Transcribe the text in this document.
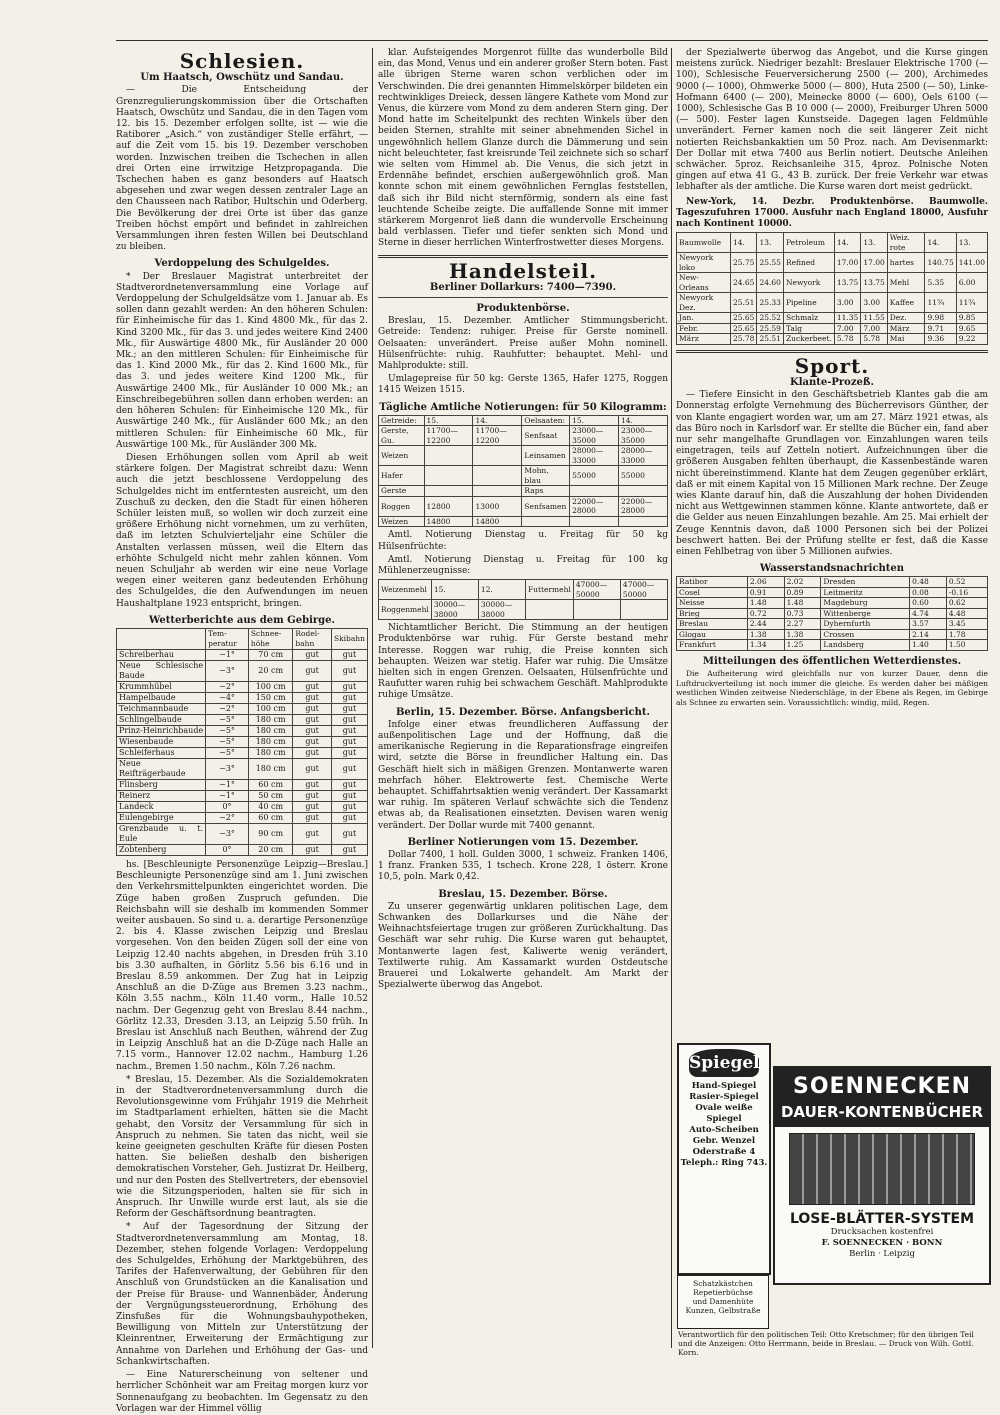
Schlesien.
Um Haatsch, Owschütz und Sandau.

— Die Entscheidung der Grenzregulierungskommission über die Ortschaften Haatsch, Owschütz und Sandau, die in den Tagen vom 12. bis 15. Dezember erfolgen sollte, ist — wie die Ratiborer „Asich.“ von zuständiger Stelle erfährt, — auf die Zeit vom 15. bis 19. Dezember verschoben worden. Inzwischen treiben die Tschechen in allen drei Orten eine irrwitzige Hetzpropaganda. Die Tschechen haben es ganz besonders auf Haatsch abgesehen und zwar wegen dessen zentraler Lage an den Chausseen nach Ratibor, Hultschin und Oderberg. Die Bevölkerung der drei Orte ist über das ganze Treiben höchst empört und befindet in zahlreichen Versammlungen ihren festen Willen bei Deutschland zu bleiben.

Verdoppelung des Schulgeldes.

* Der Breslauer Magistrat unterbreitet der Stadtverordnetenversammlung eine Vorlage auf Verdoppelung der Schulgeldsätze vom 1. Januar ab. Es sollen dann gezahlt werden: An den höheren Schulen: für Einheimische für das 1. Kind 4800 Mk., für das 2. Kind 3200 Mk., für das 3. und jedes weitere Kind 2400 Mk., für Auswärtige 4800 Mk., für Ausländer 20 000 Mk.; an den mittleren Schulen: für Einheimische für das 1. Kind 2000 Mk., für das 2. Kind 1600 Mk., für das 3. und jedes weitere Kind 1200 Mk., für Auswärtige 2400 Mk., für Ausländer 10 000 Mk.; an Einschreibegebühren sollen dann erhoben werden: an den höheren Schulen: für Einheimische 120 Mk., für Auswärtige 240 Mk., für Ausländer 600 Mk.; an den mittleren Schulen: für Einheimische 60 Mk., für Auswärtige 100 Mk., für Ausländer 300 Mk.

Diesen Erhöhungen sollen vom April ab weit stärkere folgen. Der Magistrat schreibt dazu: Wenn auch die jetzt beschlossene Verdoppelung des Schulgeldes nicht im entferntesten ausreicht, um den Zuschuß zu decken, den die Stadt für einen höheren Schüler leisten muß, so wollen wir doch zurzeit eine größere Erhöhung nicht vornehmen, um zu verhüten, daß im letzten Schulvierteljahr eine Schüler die Anstalten verlassen müssen, weil die Eltern das erhöhte Schulgeld nicht mehr zahlen können. Vom neuen Schuljahr ab werden wir eine neue Vorlage wegen einer weiteren ganz bedeutenden Erhöhung des Schulgeldes, die den Aufwendungen im neuen Haushaltplane 1923 entspricht, bringen.

Wetterberichte aus dem Gebirge.
	Tem-peratur	Schnee-höhe	Rodel-bahn	Skibahn
Schreiberhau	−1°	70 cm	gut	gut
Neue Schlesische Baude	−3°	20 cm	gut	gut
Krummhübel	−2°	100 cm	gut	gut
Hampelbaude	−4°	150 cm	gut	gut
Teichmannbaude	−2°	100 cm	gut	gut
Schlingelbaude	−5°	180 cm	gut	gut
Prinz-Heinrichbaude	−5°	180 cm	gut	gut
Wiesenbaude	−5°	180 cm	gut	gut
Schleiferhaus	−5°	180 cm	gut	gut
Neue Reifträgerbaude	−3°	180 cm	gut	gut
Flinsberg	−1°	60 cm	gut	gut
Reinerz	−1°	50 cm	gut	gut
Landeck	0°	40 cm	gut	gut
Eulengebirge	−2°	60 cm	gut	gut
Grenzbaude u. t. Eule	−3°	90 cm	gut	gut
Zobtenberg	0°	20 cm	gut	gut

hs. [Beschleunigte Personenzüge Leipzig—Breslau.] Beschleunigte Personenzüge sind am 1. Juni zwischen den Verkehrsmittelpunkten eingerichtet worden. Die Züge haben großen Zuspruch gefunden. Die Reichsbahn will sie deshalb im kommenden Sommer weiter ausbauen. So sind u. a. derartige Personenzüge 2. bis 4. Klasse zwischen Leipzig und Breslau vorgesehen. Von den beiden Zügen soll der eine von Leipzig 12.40 nachts abgehen, in Dresden früh 3.10 bis 3.30 aufhalten, in Görlitz 5.56 bis 6.16 und in Breslau 8.59 ankommen. Der Zug hat in Leipzig Anschluß an die D-Züge aus Bremen 3.23 nachm., Köln 3.55 nachm., Köln 11.40 vorm., Halle 10.52 nachm. Der Gegenzug geht von Breslau 8.44 nachm., Görlitz 12.33, Dresden 3.13, an Leipzig 5.50 früh. In Breslau ist Anschluß nach Beuthen, während der Zug in Leipzig Anschluß hat an die D-Züge nach Halle an 7.15 vorm., Hannover 12.02 nachm., Hamburg 1.26 nachm., Bremen 1.50 nachm., Köln 7.26 nachm.

* Breslau, 15. Dezember. Als die Sozialdemokraten in der Stadtverordnetenversammlung durch die Revolutionsgewinne vom Frühjahr 1919 die Mehrheit im Stadtparlament erhielten, hätten sie die Macht gehabt, den Vorsitz der Versammlung für sich in Anspruch zu nehmen. Sie taten das nicht, weil sie keine geeigneten geschulten Kräfte für diesen Posten hatten. Sie beließen deshalb den bisherigen demokratischen Vorsteher, Geh. Justizrat Dr. Heilberg, und nur den Posten des Stellvertreters, der ebensoviel wie die Sitzungsperioden, halten sie für sich in Anspruch. Ihr Unwille wurde erst laut, als sie die Reform der Geschäftsordnung beantragten.

* Auf der Tagesordnung der Sitzung der Stadtverordnetenversammlung am Montag, 18. Dezember, stehen folgende Vorlagen: Verdoppelung des Schulgeldes, Erhöhung der Marktgebühren, des Tarifes der Hafenverwaltung, der Gebühren für den Anschluß von Grundstücken an die Kanalisation und der Preise für Brause- und Wannenbäder, Änderung der Vergnügungssteuerordnung, Erhöhung des Zinsfußes für die Wohnungsbauhypotheken, Bewilligung von Mitteln zur Unterstützung der Kleinrentner, Erweiterung der Ermächtigung zur Annahme von Darlehen und Erhöhung der Gas- und Schankwirtschaften.

— Eine Naturerscheinung von seltener und herrlicher Schönheit war am Freitag morgen kurz vor Sonnenaufgang zu beobachten. Im Gegensatz zu den Vorlagen war der Himmel völlig

klar. Aufsteigendes Morgenrot füllte das wunderbolle Bild ein, das Mond, Venus und ein anderer großer Stern boten. Fast alle übrigen Sterne waren schon verblichen oder im Verschwinden. Die drei genannten Himmelskörper bildeten ein rechtwinkliges Dreieck, dessen längere Kathete vom Mond zur Venus, die kürzere vom Mond zu dem anderen Stern ging. Der Mond hatte im Scheitelpunkt des rechten Winkels über den beiden Sternen, strahlte mit seiner abnehmenden Sichel in ungewöhnlich hellem Glanze durch die Dämmerung und sein nicht beleuchteter, fast kreisrunde Teil zeichnete sich so scharf wie selten vom Himmel ab. Die Venus, die sich jetzt in Erdennähe befindet, erschien außergewöhnlich groß. Man konnte schon mit einem gewöhnlichen Fernglas feststellen, daß sich ihr Bild nicht sternförmig, sondern als eine fast leuchtende Scheibe zeigte. Die auffallende Sonne mit immer stärkerem Morgenrot ließ dann die wundervolle Erscheinung bald verblassen. Tiefer und tiefer senkten sich Mond und Sterne in dieser herrlichen Winterfrostwetter dieses Morgens.

Handelsteil.
Berliner Dollarkurs: 7400—7390.
Produktenbörse.

Breslau, 15. Dezember. Amtlicher Stimmungsbericht. Getreide: Tendenz: ruhiger. Preise für Gerste nominell. Oelsaaten: unverändert. Preise außer Mohn nominell. Hülsenfrüchte: ruhig. Rauhfutter: behauptet. Mehl- und Mahlprodukte: still.

Umlagepreise für 50 kg: Gerste 1365, Hafer 1275, Roggen 1415 Weizen 1515.

Tägliche Amtliche Notierungen: für 50 Kilogramm:
Getreide:	15.	14.	Oelsaaten:	15.	14.
Gerste, Gu.	11700—12200	11700—12200	Senfsaat	23000—35000	23000—35000
Weizen			Leinsamen	28000—33000	28000—33000
Hafer			Mohn, blau	55000	55000
Gerste			Raps		
Roggen	12800	13000	Senfsamen	22000—28000	22000—28000
Weizen	14800	14800			

Amtl. Notierung Dienstag u. Freitag für 50 kg Hülsenfrüchte:

Amtl. Notierung Dienstag u. Freitag für 100 kg Mühlenerzeugnisse:

Weizenmehl	15.	12.	Futtermehl	47000—50000	47000—50000
Roggenmehl	30000—38000	30000—38000			

Nichtamtlicher Bericht. Die Stimmung an der heutigen Produktenbörse war ruhig. Für Gerste bestand mehr Interesse. Roggen war ruhig, die Preise konnten sich behaupten. Weizen war stetig. Hafer war ruhig. Die Umsätze hielten sich in engen Grenzen. Oelsaaten, Hülsenfrüchte und Raufutter waren ruhig bei schwachem Geschäft. Mahlprodukte ruhige Umsätze.

Berlin, 15. Dezember. Börse. Anfangsbericht.

Infolge einer etwas freundlicheren Auffassung der außenpolitischen Lage und der Hoffnung, daß die amerikanische Regierung in die Reparationsfrage eingreifen wird, setzte die Börse in freundlicher Haltung ein. Das Geschäft hielt sich in mäßigen Grenzen. Montanwerte waren mehrfach höher. Elektrowerte fest. Chemische Werte behauptet. Schiffahrtsaktien wenig verändert. Der Kassamarkt war ruhig. Im späteren Verlauf schwächte sich die Tendenz etwas ab, da Realisationen einsetzten. Devisen waren wenig verändert. Der Dollar wurde mit 7400 genannt.

Berliner Notierungen vom 15. Dezember.

Dollar 7400, 1 holl. Gulden 3000, 1 schweiz. Franken 1406, 1 franz. Franken 535, 1 tschech. Krone 228, 1 österr. Krone 10,5, poln. Mark 0,42.

Breslau, 15. Dezember. Börse.

Zu unserer gegenwärtig unklaren politischen Lage, dem Schwanken des Dollarkurses und die Nähe der Weihnachtsfeiertage trugen zur größeren Zurückhaltung. Das Geschäft war sehr ruhig. Die Kurse waren gut behauptet, Montanwerte lagen fest, Kaliwerte wenig verändert, Textilwerte ruhig. Am Kassamarkt wurden Ostdeutsche Brauerei und Lokalwerte gehandelt. Am Markt der Spezialwerte überwog das Angebot.

der Spezialwerte überwog das Angebot, und die Kurse gingen meistens zurück. Niedriger bezahlt: Breslauer Elektrische 1700 (— 100), Schlesische Feuerversicherung 2500 (— 200), Archimedes 9000 (— 1000), Ohmwerke 5000 (— 800), Huta 2500 (— 50), Linke-Hofmann 6400 (— 200), Meinecke 8000 (— 600), Oels 6100 (— 1000), Schlesische Gas B 10 000 (— 2000), Freiburger Uhren 5000 (— 500). Fester lagen Kunstseide. Dagegen lagen Feldmühle unverändert. Ferner kamen noch die seit längerer Zeit nicht notierten Reichsbankaktien um 50 Proz. nach. Am Devisenmarkt: Der Dollar mit etwa 7400 aus Berlin notiert. Deutsche Anleihen schwächer. 5proz. Reichsanleihe 315, 4proz. Polnische Noten gingen auf etwa 41 G., 43 B. zurück. Der freie Verkehr war etwas lebhafter als der amtliche. Die Kurse waren dort meist gedrückt.

New-York, 14. Dezbr. Produktenbörse. Baumwolle. Tageszufuhren 17000. Ausfuhr nach England 18000, Ausfuhr nach Kontinent 10000.

Baumwolle	14.	13.	Petroleum	14.	13.	Weiz. rote	14.	13.
Newyork loko	25.75	25.55	Refined	17.00	17.00	hartes	140.75	141.00
New-Orleans	24.65	24.60	Newyork	13.75	13.75	Mehl	5.35	6.00
Newyork Dez.	25.51	25.33	Pipeline	3.00	3.00	Kaffee	11¾	11¾
Jan.	25.65	25.52	Schmalz	11.35	11.55	Dez.	9.98	9.85
Febr.	25.65	25.59	Talg	7.00	7.00	März	9.71	9.65
März	25.78	25.51	Zuckerbeet.	5.78	5.78	Mai	9.36	9.22
Sport.
Klante-Prozeß.

— Tiefere Einsicht in den Geschäftsbetrieb Klantes gab die am Donnerstag erfolgte Vernehmung des Bücherrevisors Günther, der von Klante engagiert worden war, um am 27. März 1921 etwas, als das Büro noch in Karlsdorf war. Er stellte die Bücher ein, fand aber nur sehr mangelhafte Grundlagen vor. Einzahlungen waren teils eingetragen, teils auf Zetteln notiert. Aufzeichnungen über die größeren Ausgaben fehlten überhaupt, die Kassenbestände waren nicht übereinstimmend. Klante hat dem Zeugen gegenüber erklärt, daß er mit einem Kapital von 15 Millionen Mark rechne. Der Zeuge wies Klante darauf hin, daß die Auszahlung der hohen Dividenden nicht aus Wettgewinnen stammen könne. Klante antwortete, daß er die Gelder aus neuen Einzahlungen bezahle. Am 25. Mai erhielt der Zeuge Kenntnis davon, daß 1000 Personen sich bei der Polizei beschwert hatten. Bei der Prüfung stellte er fest, daß die Kasse einen Fehlbetrag von über 5 Millionen aufwies.

Wasserstandsnachrichten
Ratibor	2.06	2.02	Dresden	0.48	0.52
Cosel	0.91	0.89	Leitmeritz	0.08	-0.16
Neisse	1.48	1.48	Magdeburg	0.60	0.62
Brieg	0.72	0.73	Wittenberge	4.74	4.48
Breslau	2.44	2.27	Dyhernfurth	3.57	3.45
Glogau	1.38	1.38	Crossen	2.14	1.78
Frankfurt	1.34	1.25	Landsberg	1.40	1.50
Mitteilungen des öffentlichen Wetterdienstes.

Die Aufheiterung wird gleichfalls nur von kurzer Dauer, denn die Luftdruckverteilung ist noch immer die gleiche. Es werden daher bei mäßigen westlichen Winden zeitweise Niederschläge, in der Ebene als Regen, im Gebirge als Schnee zu erwarten sein. Voraussichtlich: windig, mild, Regen.

Spiegel
Hand-Spiegel
Rasier-Spiegel
Ovale weiße Spiegel
Auto-Scheiben
Gebr. Wenzel
Oderstraße 4
Teleph.: Ring 743.
SOENNECKEN
DAUER-KONTENBÜCHER
LOSE-BLÄTTER-SYSTEM
Drucksachen kostenfrei
F. SOENNECKEN · BONN
Berlin · Leipzig
Schatzkästchen
Repetierbüchse
und Damenhüte
Kunzen, Gelbstraße
Verantwortlich für den politischen Teil: Otto Kretschmer; für den übrigen Teil und die Anzeigen: Otto Herrmann, beide in Breslau. — Druck von Wilh. Gottl. Korn.
